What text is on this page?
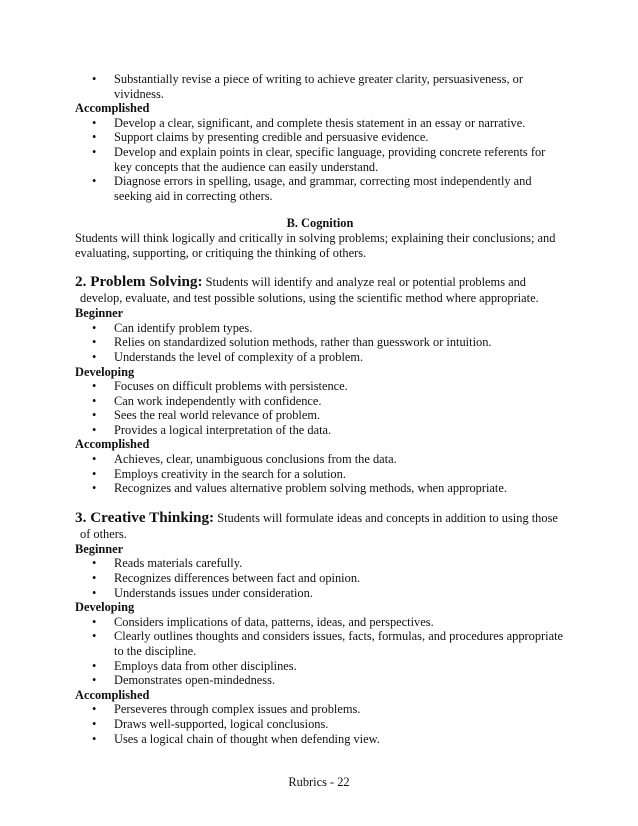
• Substantially revise a piece of writing to achieve greater clarity, persuasiveness, or vividness.
Accomplished
• Develop a clear, significant, and complete thesis statement in an essay or narrative.
• Support claims by presenting credible and persuasive evidence.
• Develop and explain points in clear, specific language, providing concrete referents for key concepts that the audience can easily understand.
• Diagnose errors in spelling, usage, and grammar, correcting most independently and seeking aid in correcting others.
B. Cognition
Students will think logically and critically in solving problems; explaining their conclusions; and evaluating, supporting, or critiquing the thinking of others.
2. Problem Solving: Students will identify and analyze real or potential problems and
develop, evaluate, and test possible solutions, using the scientific method where appropriate.
Beginner
• Can identify problem types.
• Relies on standardized solution methods, rather than guesswork or intuition.
• Understands the level of complexity of a problem.
Developing
• Focuses on difficult problems with persistence.
• Can work independently with confidence.
• Sees the real world relevance of problem.
• Provides a logical interpretation of the data.
Accomplished
• Achieves, clear, unambiguous conclusions from the data.
• Employs creativity in the search for a solution.
• Recognizes and values alternative problem solving methods, when appropriate.
3. Creative Thinking: Students will formulate ideas and concepts in addition to using those
of others.
Beginner
• Reads materials carefully.
• Recognizes differences between fact and opinion.
• Understands issues under consideration.
Developing
• Considers implications of data, patterns, ideas, and perspectives.
• Clearly outlines thoughts and considers issues, facts, formulas, and procedures appropriate to the discipline.
• Employs data from other disciplines.
• Demonstrates open-mindedness.
Accomplished
• Perseveres through complex issues and problems.
• Draws well-supported, logical conclusions.
• Uses a logical chain of thought when defending view.
Rubrics - 22
